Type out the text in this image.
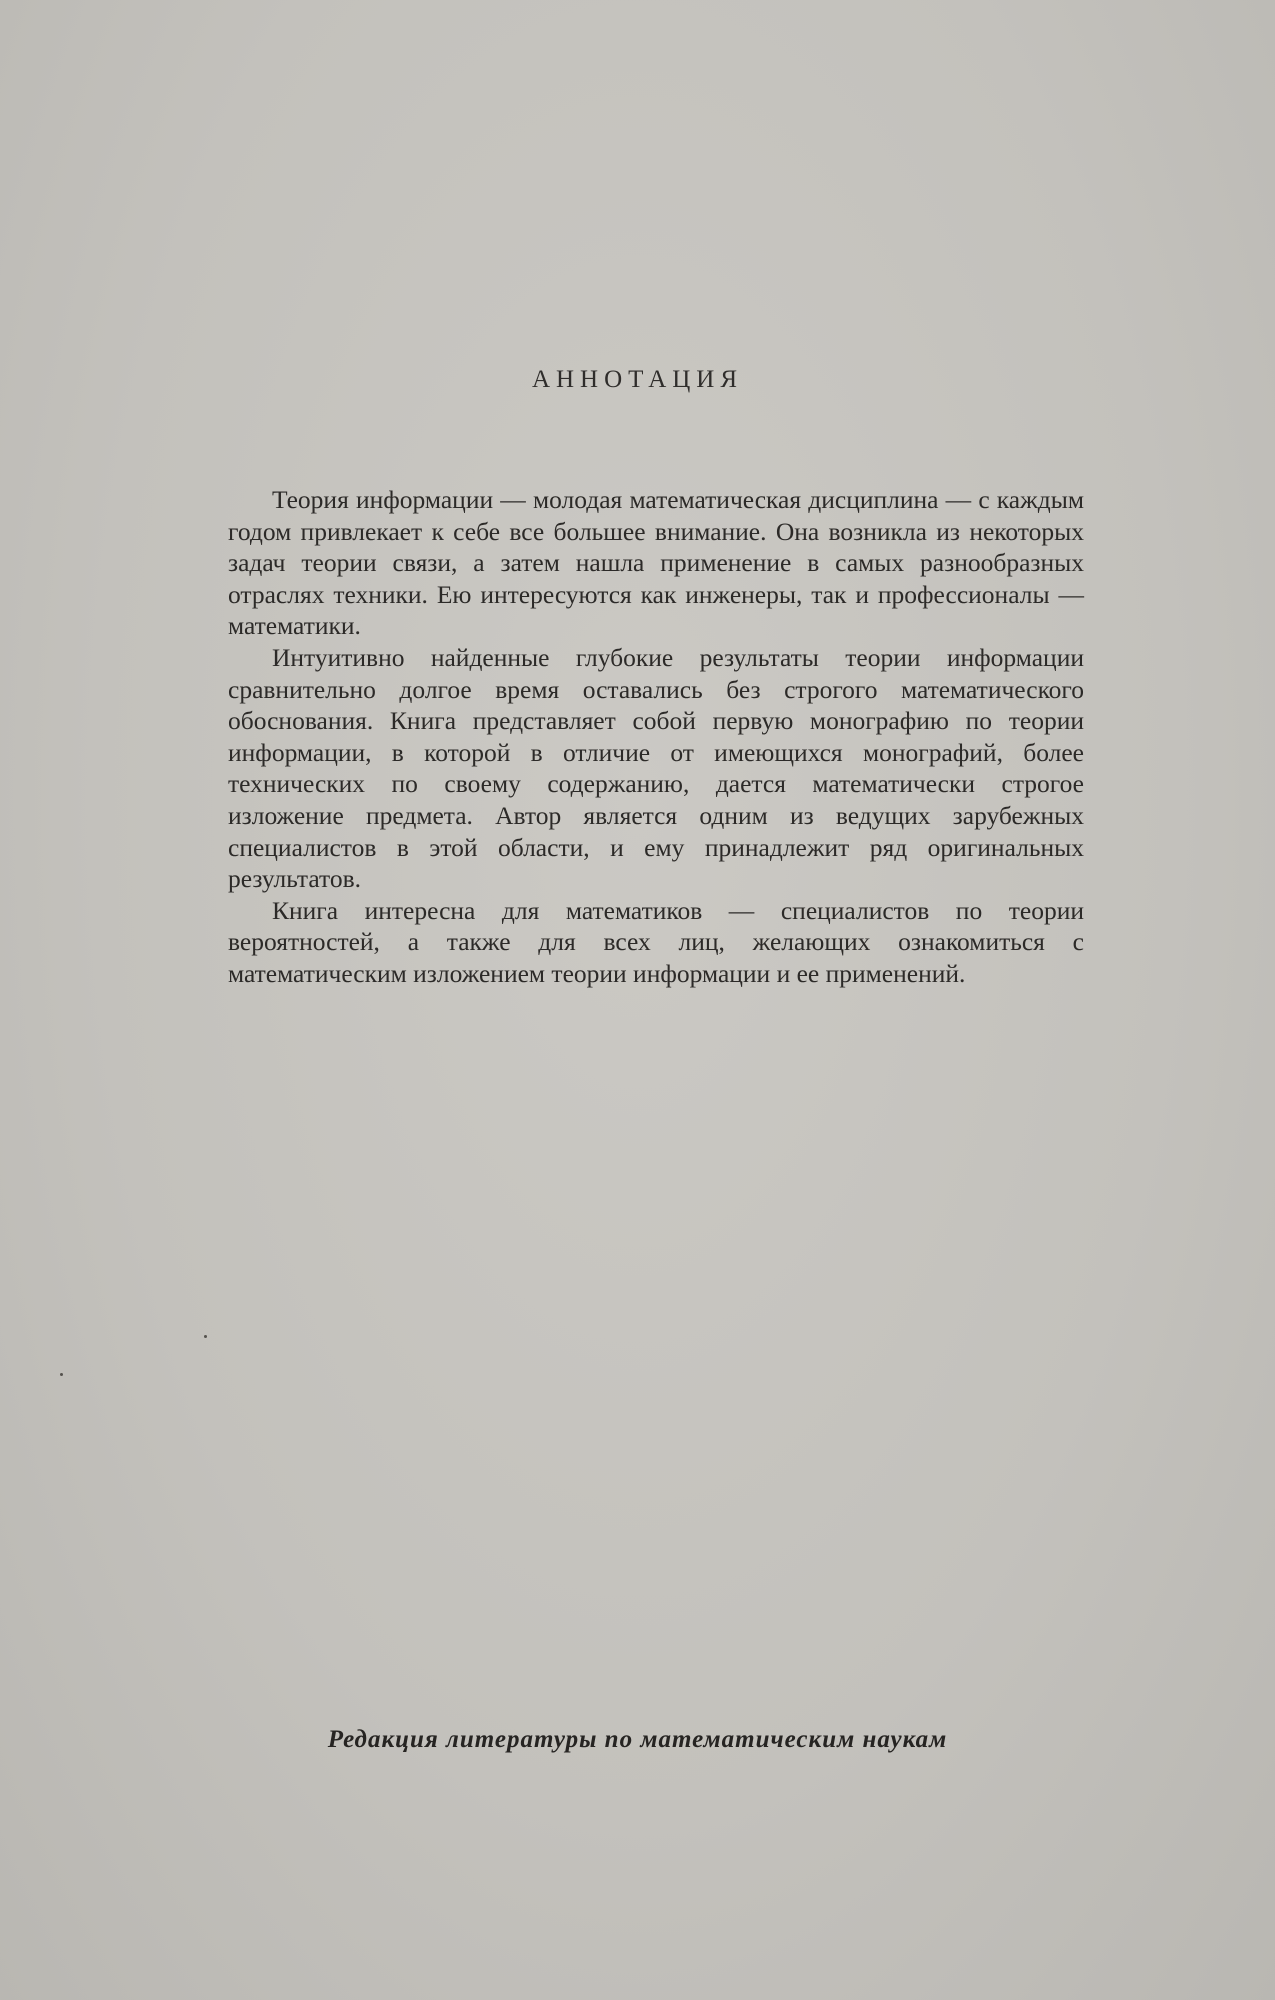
АННОТАЦИЯ

Теория информации — молодая математическая дисциплина — с каждым годом привлекает к себе все большее внимание. Она возникла из некоторых задач теории связи, а затем нашла применение в самых разнообразных отраслях техники. Ею интересуются как инженеры, так и профессионалы — математики.

Интуитивно найденные глубокие результаты теории информации сравнительно долгое время оставались без строгого математического обоснования. Книга представляет собой первую монографию по теории информации, в которой в отличие от имеющихся монографий, более технических по своему содержанию, дается математически строгое изложение предмета. Автор является одним из ведущих зарубежных специалистов в этой области, и ему принадлежит ряд оригинальных результатов.

Книга интересна для математиков — специалистов по теории вероятностей, а также для всех лиц, желающих ознакомиться с математическим изложением теории информации и ее применений.

Редакция литературы по математическим наукам
